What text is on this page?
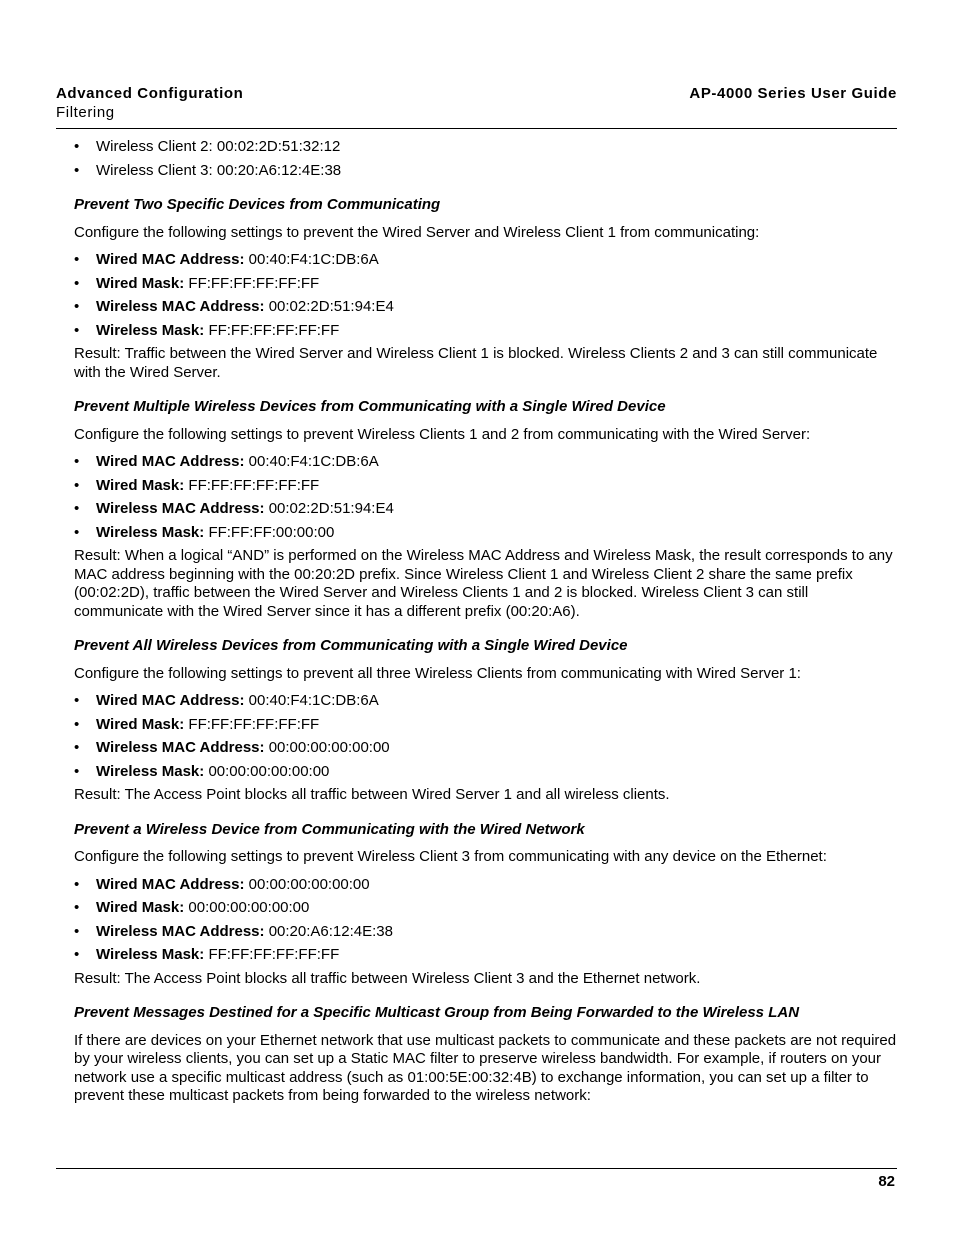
Advanced Configuration
Filtering
AP-4000 Series User Guide
• Wireless Client 2: 00:02:2D:51:32:12
• Wireless Client 3: 00:20:A6:12:4E:38
Prevent Two Specific Devices from Communicating

Configure the following settings to prevent the Wired Server and Wireless Client 1 from communicating:

• Wired MAC Address: 00:40:F4:1C:DB:6A
• Wired Mask: FF:FF:FF:FF:FF:FF
• Wireless MAC Address: 00:02:2D:51:94:E4
• Wireless Mask: FF:FF:FF:FF:FF:FF

Result: Traffic between the Wired Server and Wireless Client 1 is blocked. Wireless Clients 2 and 3 can still communicate with the Wired Server.

Prevent Multiple Wireless Devices from Communicating with a Single Wired Device

Configure the following settings to prevent Wireless Clients 1 and 2 from communicating with the Wired Server:

• Wired MAC Address: 00:40:F4:1C:DB:6A
• Wired Mask: FF:FF:FF:FF:FF:FF
• Wireless MAC Address: 00:02:2D:51:94:E4
• Wireless Mask: FF:FF:FF:00:00:00

Result: When a logical “AND” is performed on the Wireless MAC Address and Wireless Mask, the result corresponds to any MAC address beginning with the 00:20:2D prefix. Since Wireless Client 1 and Wireless Client 2 share the same prefix (00:02:2D), traffic between the Wired Server and Wireless Clients 1 and 2 is blocked. Wireless Client 3 can still communicate with the Wired Server since it has a different prefix (00:20:A6).

Prevent All Wireless Devices from Communicating with a Single Wired Device

Configure the following settings to prevent all three Wireless Clients from communicating with Wired Server 1:

• Wired MAC Address: 00:40:F4:1C:DB:6A
• Wired Mask: FF:FF:FF:FF:FF:FF
• Wireless MAC Address: 00:00:00:00:00:00
• Wireless Mask: 00:00:00:00:00:00

Result: The Access Point blocks all traffic between Wired Server 1 and all wireless clients.

Prevent a Wireless Device from Communicating with the Wired Network

Configure the following settings to prevent Wireless Client 3 from communicating with any device on the Ethernet:

• Wired MAC Address: 00:00:00:00:00:00
• Wired Mask: 00:00:00:00:00:00
• Wireless MAC Address: 00:20:A6:12:4E:38
• Wireless Mask: FF:FF:FF:FF:FF:FF

Result: The Access Point blocks all traffic between Wireless Client 3 and the Ethernet network.

Prevent Messages Destined for a Specific Multicast Group from Being Forwarded to the Wireless LAN

If there are devices on your Ethernet network that use multicast packets to communicate and these packets are not required by your wireless clients, you can set up a Static MAC filter to preserve wireless bandwidth. For example, if routers on your network use a specific multicast address (such as 01:00:5E:00:32:4B) to exchange information, you can set up a filter to prevent these multicast packets from being forwarded to the wireless network:

82
